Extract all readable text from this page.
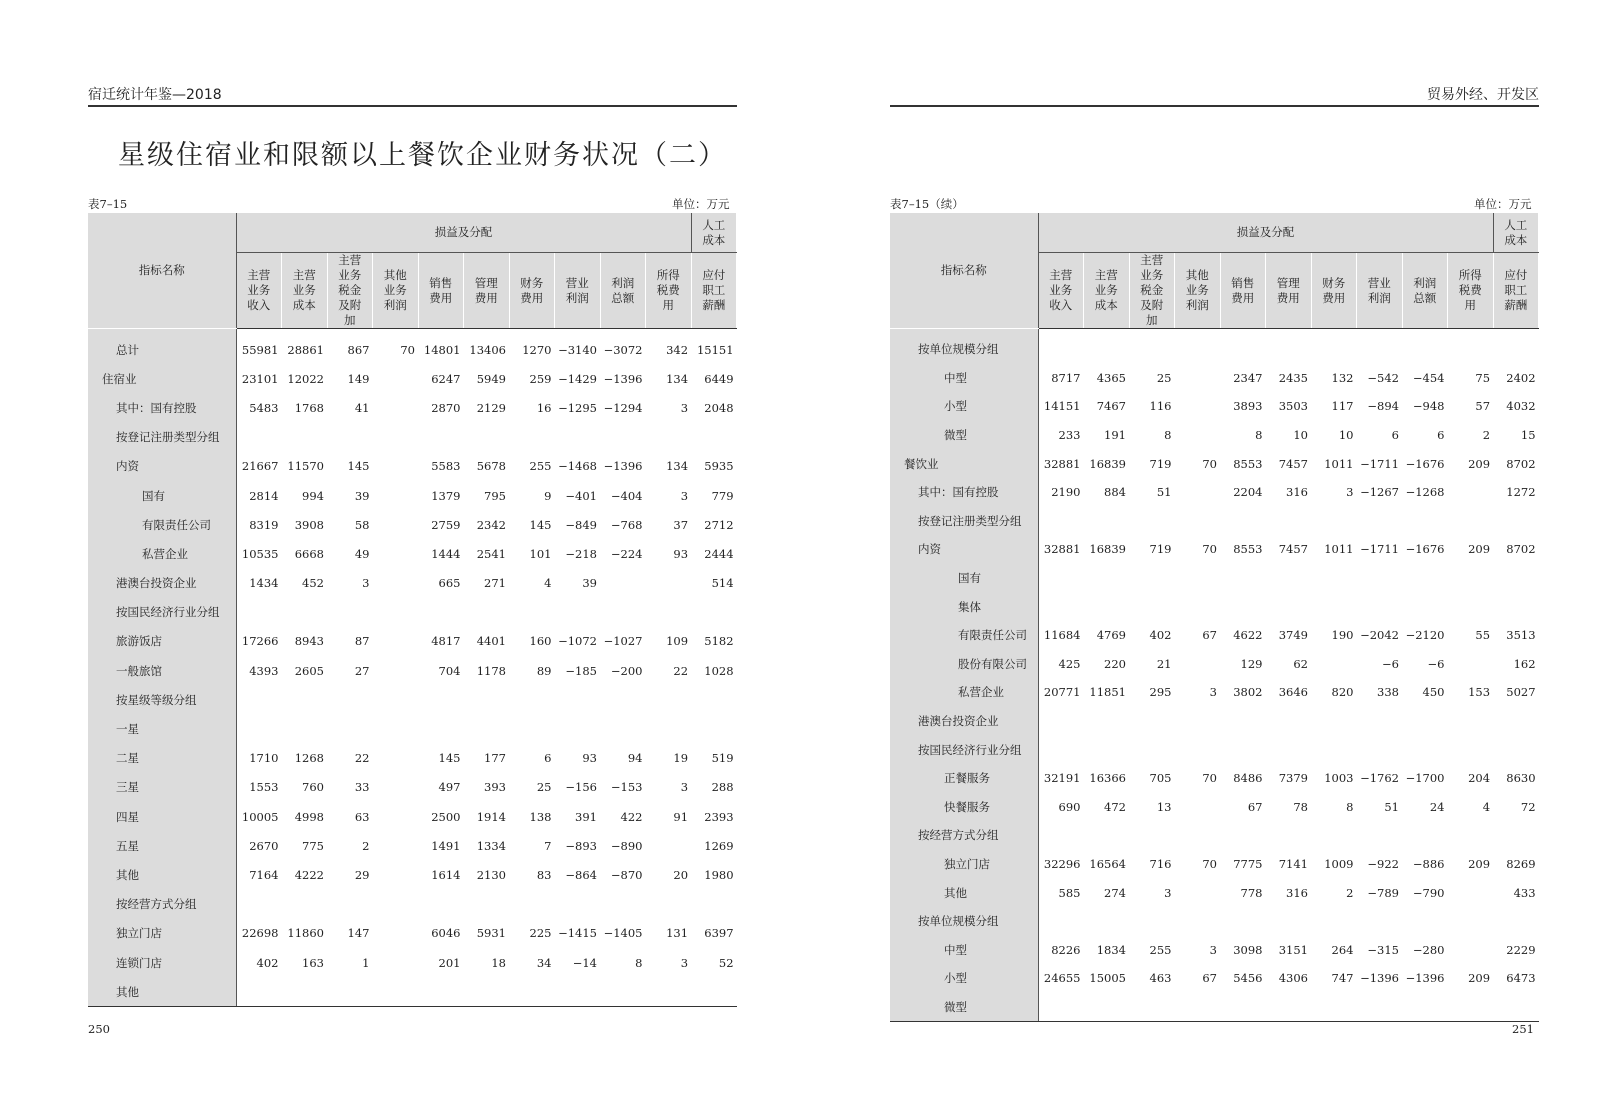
宿迁统计年鉴—2018	贸易外经、开发区
星级住宿业和限额以上餐饮企业财务状况（二）
表7–15	单位：万元	表7–15（续）	单位：万元
指标名称	损益及分配										人工成本

	主营业务收入	主营业务成本	主营业务税金及附加	其他业务利润	销售费用	管理费用	财务费用	营业利润	利润总额	所得税费用	应付职工薪酬

总计	55981	28861	867	70	14801	13406	1270	−3140	−3072	342	15151
住宿业	23101	12022	149		6247	5949	259	−1429	−1396	134	6449
其中：国有控股	5483	1768	41		2870	2129	16	−1295	−1294	3	2048
按登记注册类型分组											
内资	21667	11570	145		5583	5678	255	−1468	−1396	134	5935
国有	2814	994	39		1379	795	9	−401	−404	3	779
有限责任公司	8319	3908	58		2759	2342	145	−849	−768	37	2712
私营企业	10535	6668	49		1444	2541	101	−218	−224	93	2444
港澳台投资企业	1434	452	3		665	271	4	39			514
按国民经济行业分组											
旅游饭店	17266	8943	87		4817	4401	160	−1072	−1027	109	5182
一般旅馆	4393	2605	27		704	1178	89	−185	−200	22	1028
按星级等级分组											
一星											
二星	1710	1268	22		145	177	6	93	94	19	519
三星	1553	760	33		497	393	25	−156	−153	3	288
四星	10005	4998	63		2500	1914	138	391	422	91	2393
五星	2670	775	2		1491	1334	7	−893	−890		1269
其他	7164	4222	29		1614	2130	83	−864	−870	20	1980
按经营方式分组											
独立门店	22698	11860	147		6046	5931	225	−1415	−1405	131	6397
连锁门店	402	163	1		201	18	34	−14	8	3	52
其他											
指标名称	损益及分配										人工成本

	主营业务收入	主营业务成本	主营业务税金及附加	其他业务利润	销售费用	管理费用	财务费用	营业利润	利润总额	所得税费用	应付职工薪酬

按单位规模分组											
中型	8717	4365	25		2347	2435	132	−542	−454	75	2402
小型	14151	7467	116		3893	3503	117	−894	−948	57	4032
微型	233	191	8		8	10	10	6	6	2	15
餐饮业	32881	16839	719	70	8553	7457	1011	−1711	−1676	209	8702
其中：国有控股	2190	884	51		2204	316	3	−1267	−1268		1272
按登记注册类型分组											
内资	32881	16839	719	70	8553	7457	1011	−1711	−1676	209	8702
国有											
集体											
有限责任公司	11684	4769	402	67	4622	3749	190	−2042	−2120	55	3513
股份有限公司	425	220	21		129	62		−6	−6		162
私营企业	20771	11851	295	3	3802	3646	820	338	450	153	5027
港澳台投资企业											
按国民经济行业分组											
正餐服务	32191	16366	705	70	8486	7379	1003	−1762	−1700	204	8630
快餐服务	690	472	13		67	78	8	51	24	4	72
按经营方式分组											
独立门店	32296	16564	716	70	7775	7141	1009	−922	−886	209	8269
其他	585	274	3		778	316	2	−789	−790		433
按单位规模分组											
中型	8226	1834	255	3	3098	3151	264	−315	−280		2229
小型	24655	15005	463	67	5456	4306	747	−1396	−1396	209	6473
微型											
250	251
